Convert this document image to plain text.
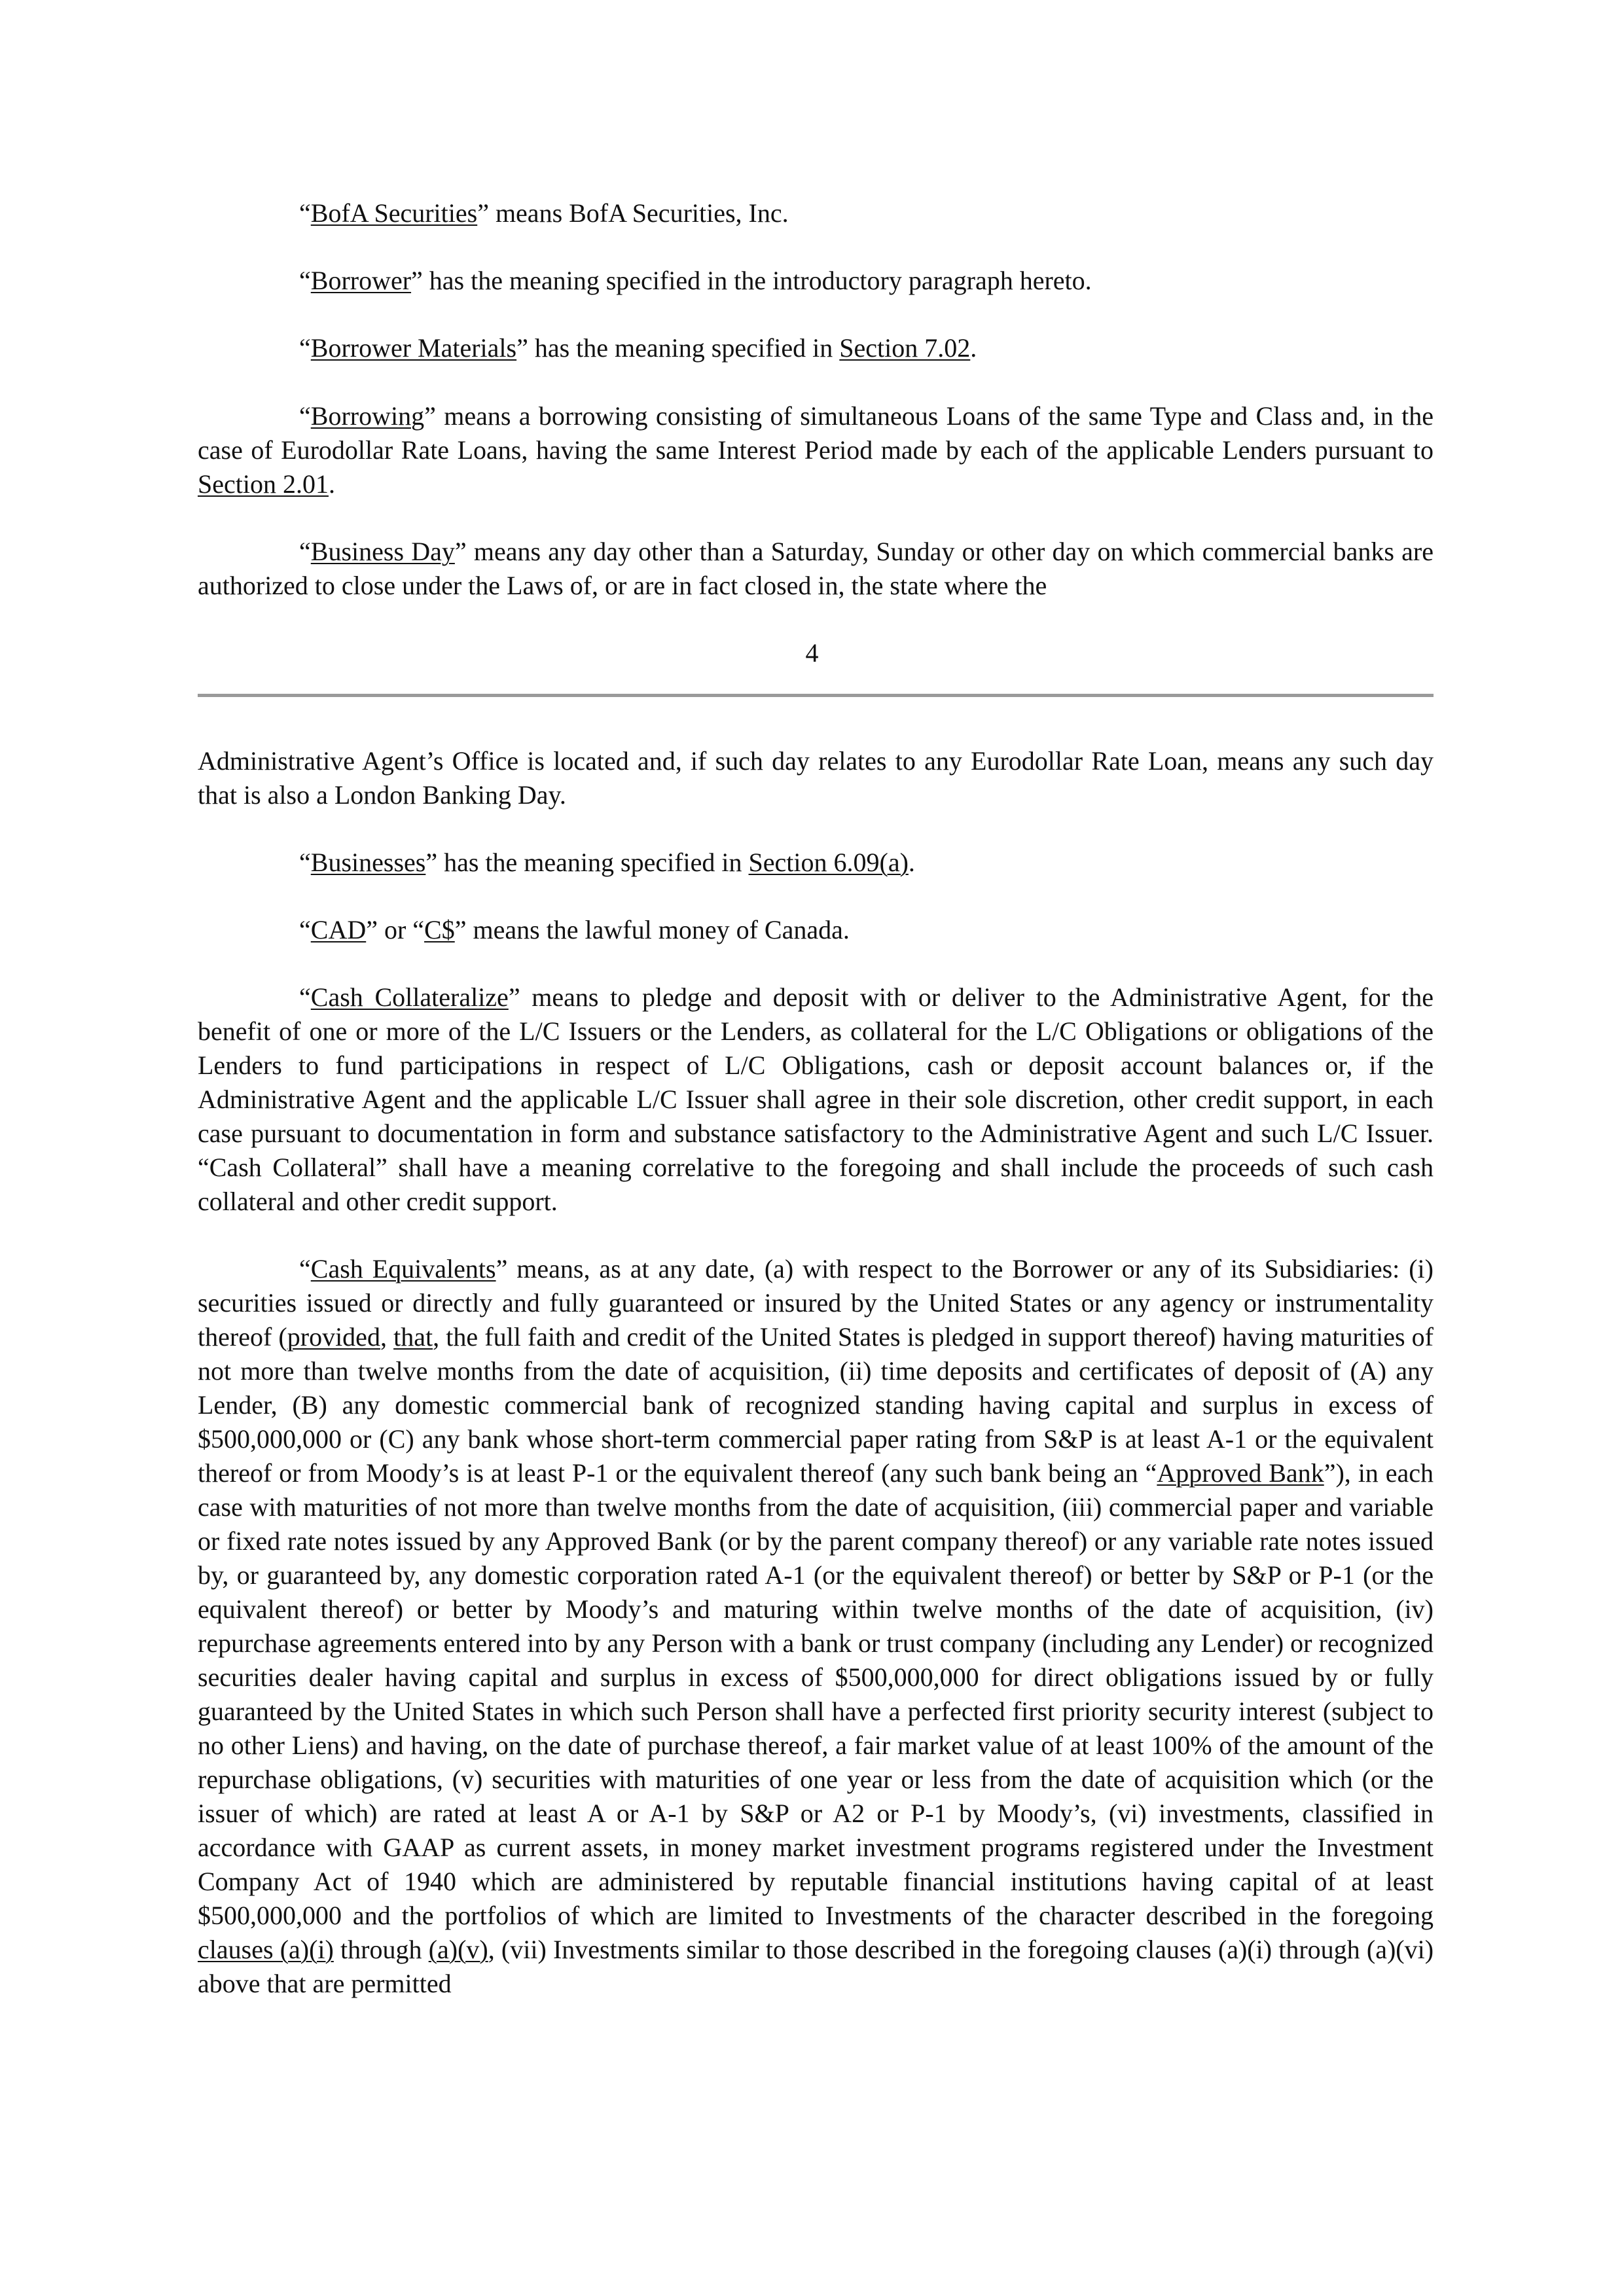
“BofA Securities” means BofA Securities, Inc.

“Borrower” has the meaning specified in the introductory paragraph hereto.

“Borrower Materials” has the meaning specified in Section 7.02.

“Borrowing” means a borrowing consisting of simultaneous Loans of the same Type and Class and, in the case of Eurodollar Rate Loans, having the same Interest Period made by each of the applicable Lenders pursuant to Section 2.01.

“Business Day” means any day other than a Saturday, Sunday or other day on which commercial banks are authorized to close under the Laws of, or are in fact closed in, the state where the

4

Administrative Agent’s Office is located and, if such day relates to any Eurodollar Rate Loan, means any such day that is also a London Banking Day.

“Businesses” has the meaning specified in Section 6.09(a).

“CAD” or “C$” means the lawful money of Canada.

“Cash Collateralize” means to pledge and deposit with or deliver to the Administrative Agent, for the benefit of one or more of the L/C Issuers or the Lenders, as collateral for the L/C Obligations or obligations of the Lenders to fund participations in respect of L/C Obligations, cash or deposit account balances or, if the Administrative Agent and the applicable L/C Issuer shall agree in their sole discretion, other credit support, in each case pursuant to documentation in form and substance satisfactory to the Administrative Agent and such L/C Issuer. “Cash Collateral” shall have a meaning correlative to the foregoing and shall include the proceeds of such cash collateral and other credit support.

“Cash Equivalents” means, as at any date, (a) with respect to the Borrower or any of its Subsidiaries: (i) securities issued or directly and fully guaranteed or insured by the United States or any agency or instrumentality thereof (provided, that, the full faith and credit of the United States is pledged in support thereof) having maturities of not more than twelve months from the date of acquisition, (ii) time deposits and certificates of deposit of (A) any Lender, (B) any domestic commercial bank of recognized standing having capital and surplus in excess of $500,000,000 or (C) any bank whose short-term commercial paper rating from S&P is at least A-1 or the equivalent thereof or from Moody’s is at least P-1 or the equivalent thereof (any such bank being an “Approved Bank”), in each case with maturities of not more than twelve months from the date of acquisition, (iii) commercial paper and variable or fixed rate notes issued by any Approved Bank (or by the parent company thereof) or any variable rate notes issued by, or guaranteed by, any domestic corporation rated A-1 (or the equivalent thereof) or better by S&P or P-1 (or the equivalent thereof) or better by Moody’s and maturing within twelve months of the date of acquisition, (iv) repurchase agreements entered into by any Person with a bank or trust company (including any Lender) or recognized securities dealer having capital and surplus in excess of $500,000,000 for direct obligations issued by or fully guaranteed by the United States in which such Person shall have a perfected first priority security interest (subject to no other Liens) and having, on the date of purchase thereof, a fair market value of at least 100% of the amount of the repurchase obligations, (v) securities with maturities of one year or less from the date of acquisition which (or the issuer of which) are rated at least A or A-1 by S&P or A2 or P-1 by Moody’s, (vi) investments, classified in accordance with GAAP as current assets, in money market investment programs registered under the Investment Company Act of 1940 which are administered by reputable financial institutions having capital of at least $500,000,000 and the portfolios of which are limited to Investments of the character described in the foregoing clauses (a)(i) through (a)(v), (vii) Investments similar to those described in the foregoing clauses (a)(i) through (a)(vi) above that are permitted
